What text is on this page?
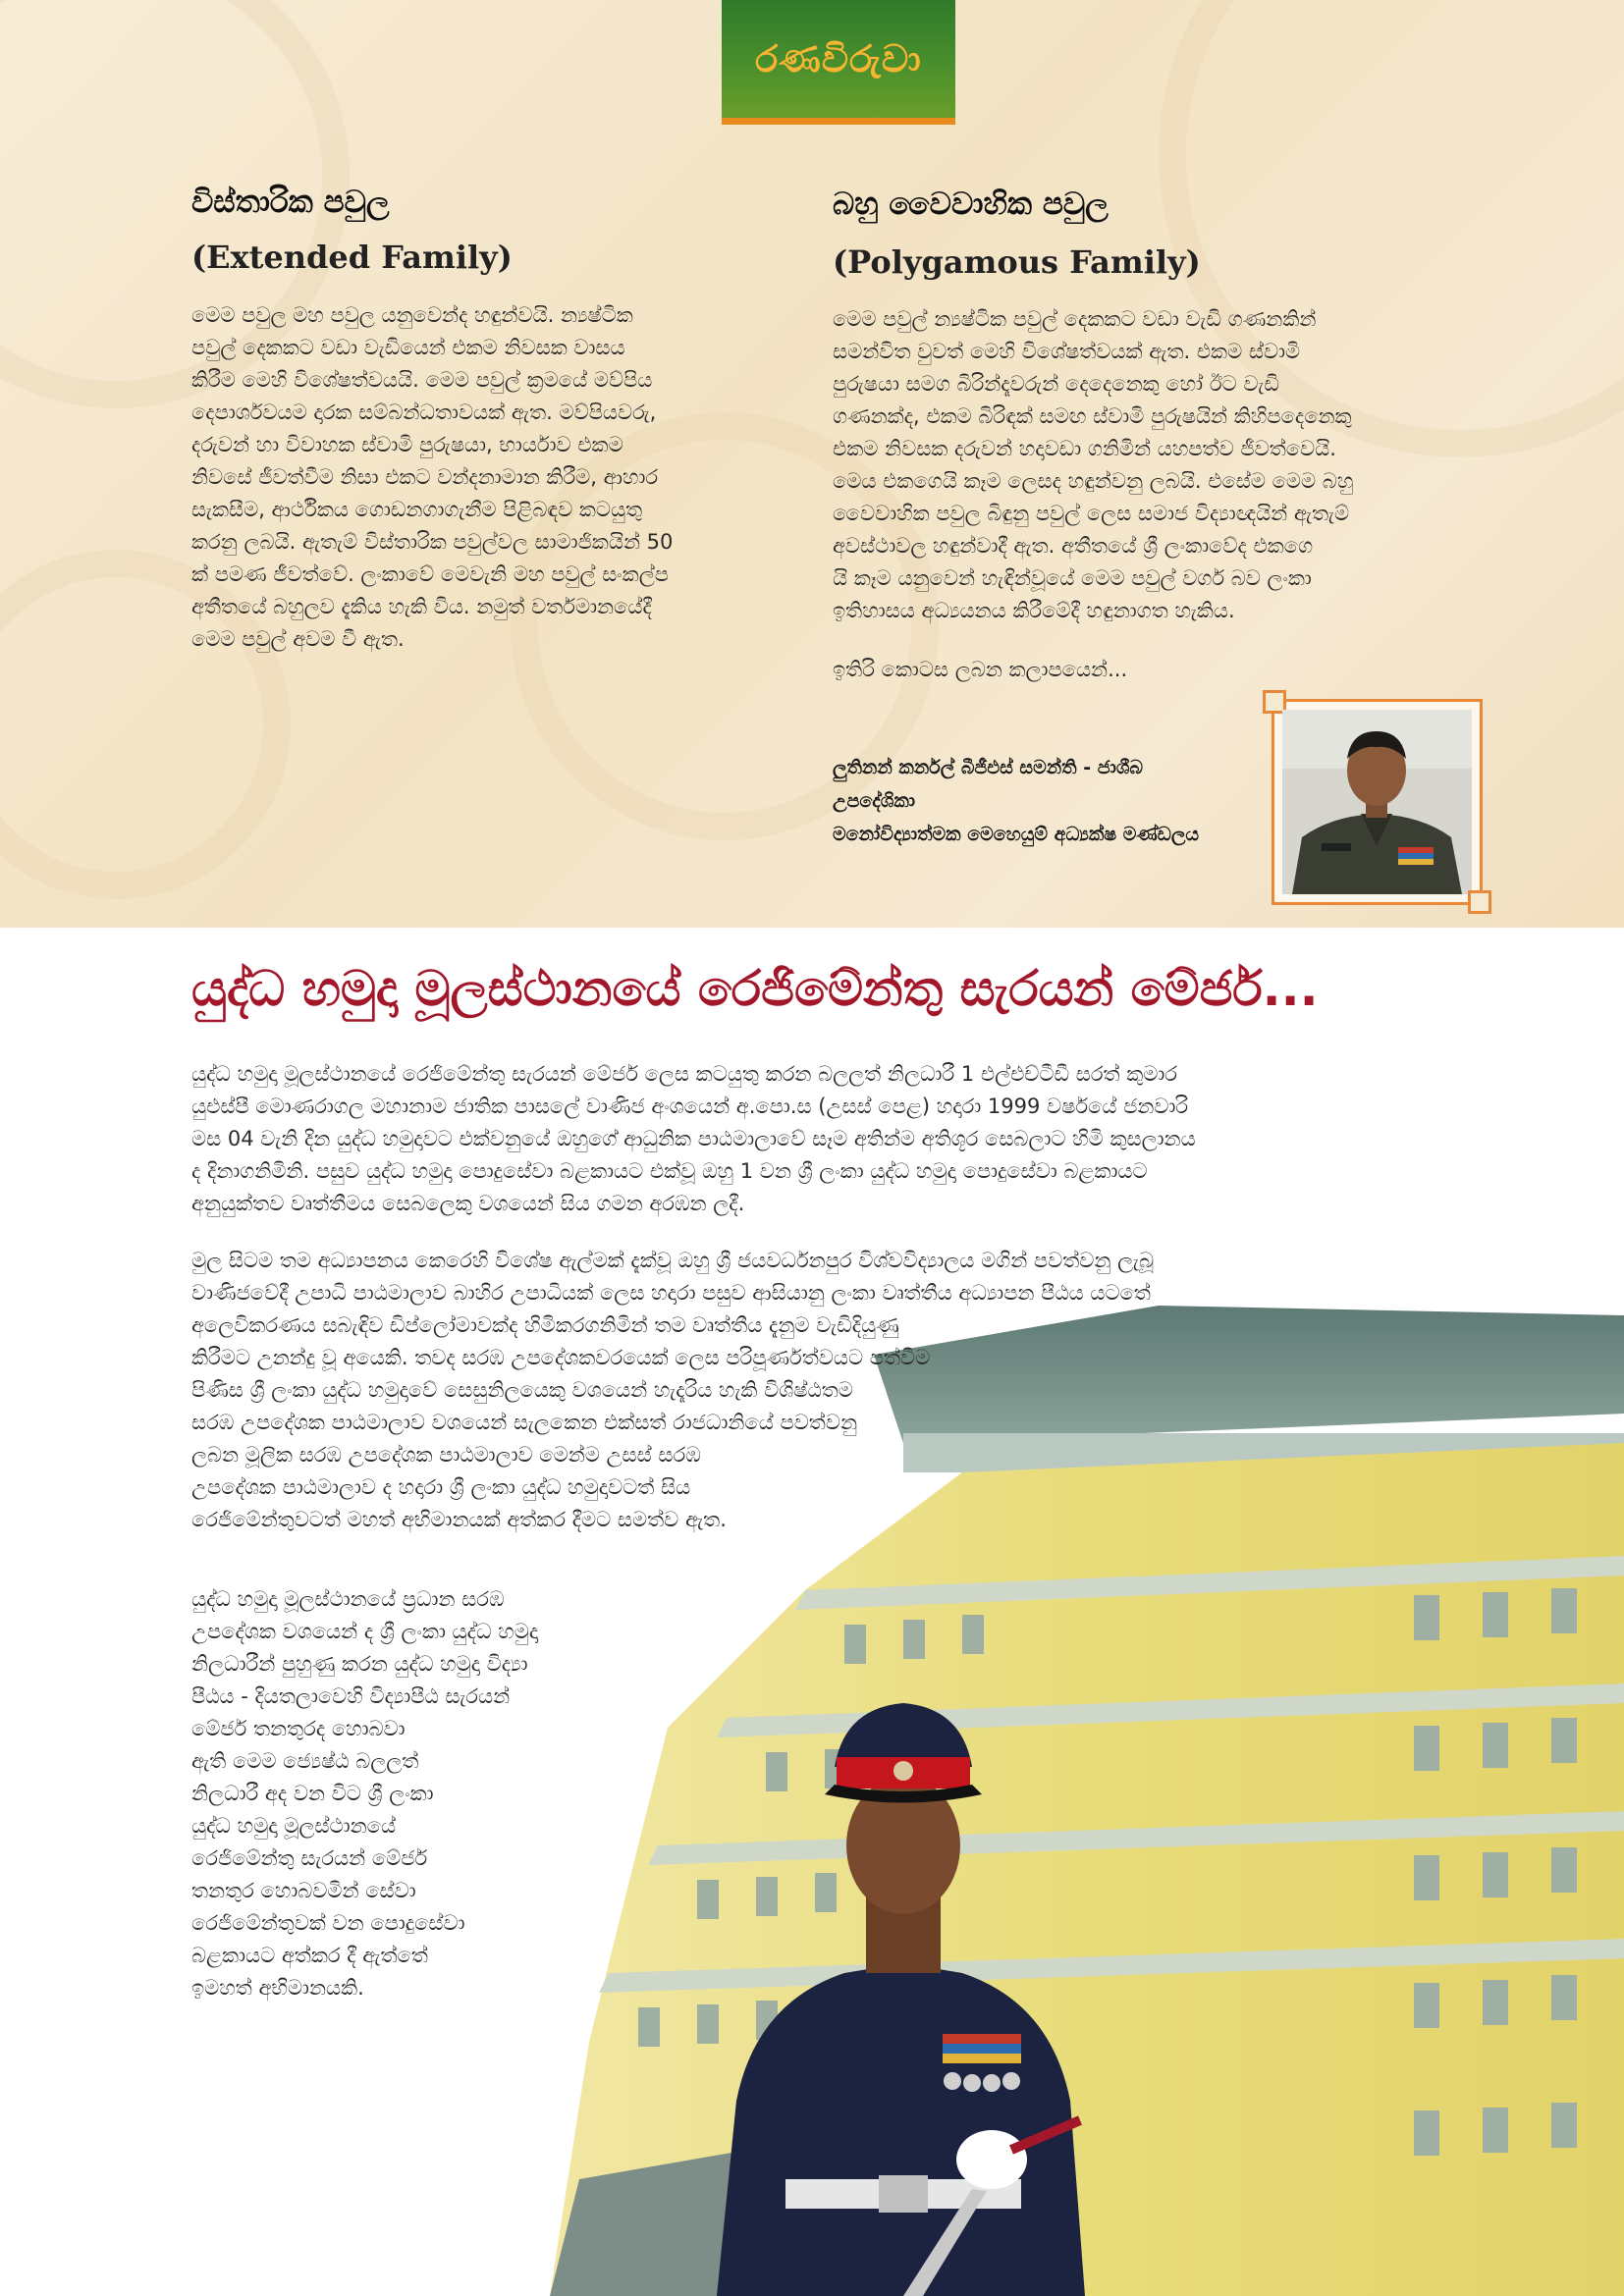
රණවිරුවා
විස්තාරික පවුල
(Extended Family)
මෙම පවුල මහ පවුල යනුවෙන්ද හඳුන්වයි. න්‍යෂ්ටික
පවුල් දෙකකට වඩා වැඩියෙන් එකම නිවසක වාසය
කිරීම මෙහි විශේෂත්වයයි. මෙම පවුල් ක්‍රමයේ මව්පිය
දෙපාර්ශවයම දාරක සම්බන්ධතාවයක් ඇත. මව්පියවරු,
දරුවන් හා විවාහක ස්වාමි පුරුෂයා, භාර්යාව එකම
නිවසේ ජීවත්වීම නිසා එකට වන්දනාමාන කිරීම, ආහාර
සැකසීම, ආර්ථිකය ගොඩනගාගැනීම පිළිබඳව කටයුතු
කරනු ලබයි. ඇතැම් විස්තාරික පවුල්වල සාමාජිකයින් 50
ක් පමණ ජීවත්වේ. ලංකාවේ මෙවැනි මහ පවුල් සංකල්ප
අතීතයේ බහුලව දැකිය හැකි විය. නමුත් වර්තමානයේදී
මෙම පවුල් අවම වී ඇත.
බහු වෛවාහික පවුල
(Polygamous Family)
මෙම පවුල් න්‍යෂ්ටික පවුල් දෙකකට වඩා වැඩි ගණනකින්
සමන්විත වුවත් මෙහි විශේෂත්වයක් ඇත. එකම ස්වාමි
පුරුෂයා සමග බිරින්දෑවරුන් දෙදෙනෙකු හෝ ඊට වැඩි
ගණනක්ද, එකම බිරිඳක් සමඟ ස්වාමි පුරුෂයින් කිහිපදෙනෙකු
එකම නිවසක දරුවන් හදාවඩා ගනිමින් යහපත්ව ජීවත්වෙයි.
මෙය එකගෙයි කෑම ලෙසද හඳුන්වනු ලබයි. එසේම මෙම බහු
වෛවාහික පවුල බිඳුනු පවුල් ලෙස සමාජ විද්‍යාඥයින් ඇතැම්
අවස්ථාවල හඳුන්වාදී ඇත. අතීතයේ ශ්‍රී ලංකාවේද එකගෙ
යි කෑම යනුවෙන් හැඳින්වූයේ මෙම පවුල් වර්ග බව ලංකා
ඉතිහාසය අධ්‍යයනය කිරීමේදී හඳුනාගත හැකිය.
ඉතිරි කොටස ලබන කලාපයෙන්...
ලුතිනන් කර්නල් බීජීඑස් සමන්ති - ජාශීබ
උපදේශිකා
මනෝවිද්‍යාත්මක මෙහෙයුම් අධ්‍යක්ෂ මණ්ඩලය
යුද්ධ හමුදා මූලස්ථානයේ රෙජිමේන්තු සැරයන් මේජර්...
යුද්ධ හමුදා මූලස්ථානයේ රෙජිමේන්තු සැරයන් මේජර් ලෙස කටයුතු කරන බලලත් නිලධාරී 1 එල්එච්ටීඩී සරත් කුමාර
යුඑස්පී මොණරාගල මහානාම ජාතික පාසලේ වාණිජ අංශයෙන් අ.පො.ස (උසස් පෙළ) හදාරා 1999 වර්ෂයේ ජනවාරි
මස 04 වැනි දින යුද්ධ හමුදාවට එක්වනුයේ ඔහුගේ ආධුනික පාඨමාලාවේ සෑම අතින්ම අතිශූර සෙබලාට හිමි කුසලානය
ද දිනාගනිමිනි. පසුව යුද්ධ හමුදා පොදුසේවා බළකායට එක්වූ ඔහු 1 වන ශ්‍රී ලංකා යුද්ධ හමුදා පොදුසේවා බළකායට
අනුයුක්තව වෘත්තීමය සෙබලෙකු වශයෙන් සිය ගමන අරඹන ලදී.
මුල සිටම තම අධ්‍යාපනය කෙරෙහි විශේෂ ඇල්මක් දැක්වූ ඔහු ශ්‍රී ජයවර්ධනපුර විශ්වවිද්‍යාලය මගින් පවත්වනු ලැබූ
වාණිජවේදී උපාධි පාඨමාලාව බාහිර උපාධියක් ලෙස හදාරා පසුව ආසියානු ලංකා වෘත්තීය අධ්‍යාපන පීඨය යටතේ
අලෙවිකරණය සබැඳිව ඩිප්ලෝමාවක්ද හිමිකරගනිමින් තම වෘත්තීය දැනුම වැඩිදියුණු
කිරීමට උනන්දු වූ අයෙකි. තවද සරඹ උපදේශකවරයෙක් ලෙස පරිපූර්ණත්වයට පත්වීම
පිණිස ශ්‍රී ලංකා යුද්ධ හමුදාවේ සෙසුනිලයෙකු වශයෙන් හැදෑරිය හැකි විශිෂ්ඨතම
සරඹ උපදේශක පාඨමාලාව වශයෙන් සැලකෙන එක්සත් රාජධානියේ පවත්වනු
ලබන මූලික සරඹ උපදේශක පාඨමාලාව මෙන්ම උසස් සරඹ
උපදේශක පාඨමාලාව ද හදාරා ශ්‍රී ලංකා යුද්ධ හමුදාවටත් සිය
රෙජිමේන්තුවටත් මහත් අභිමානයක් අත්කර දීමට සමත්ව ඇත.
යුද්ධ හමුදා මූලස්ථානයේ ප්‍රධාන සරඹ
උපදේශක වශයෙන් ද ශ්‍රී ලංකා යුද්ධ හමුදා
නිලධාරීන් පුහුණු කරන යුද්ධ හමුදා විද්‍යා
පීඨය - දියතලාවෙහි විද්‍යාපීඨ සැරයන්
මේජර් තනතුරද හොබවා
ඇති මෙම ජ්‍යෙෂ්ඨ බලලත්
නිලධාරී අද වන විට ශ්‍රී ලංකා
යුද්ධ හමුදා මූලස්ථානයේ
රෙජිමේන්තු සැරයන් මේජර්
තනතුර හොබවමින් සේවා
රෙජිමේන්තුවක් වන පොදුසේවා
බළකායට අත්කර දී ඇත්තේ
ඉමහත් අභිමානයකි.
